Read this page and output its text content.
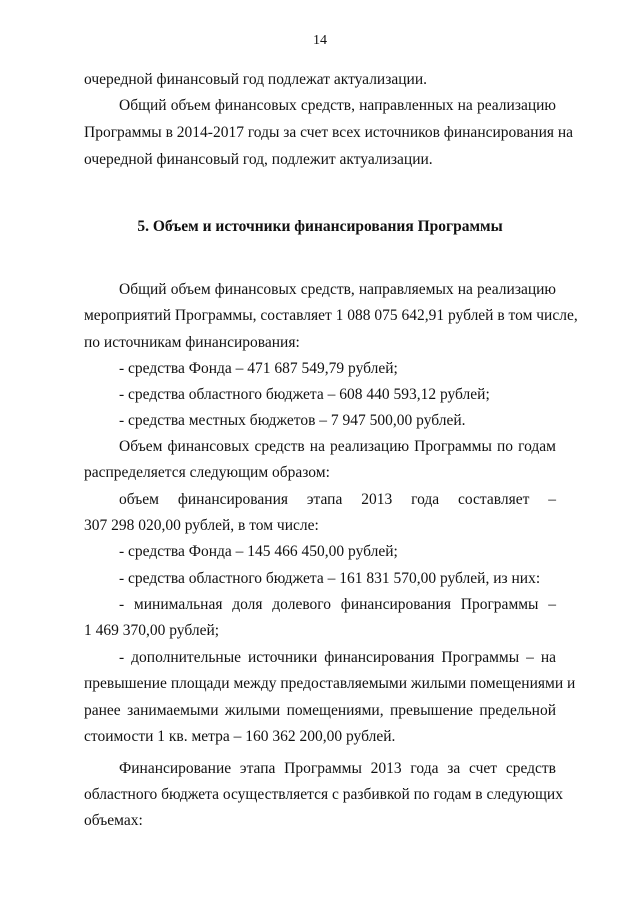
14
очередной финансовый год подлежат актуализации.
Общий объем финансовых средств, направленных на реализацию
Программы в 2014-2017 годы за счет всех источников финансирования на
очередной финансовый год, подлежит актуализации.
5. Объем и источники финансирования Программы
Общий объем финансовых средств, направляемых на реализацию
мероприятий Программы, составляет 1 088 075 642,91 рублей в том числе,
по источникам финансирования:
- средства Фонда – 471 687 549,79 рублей;
- средства областного бюджета – 608 440 593,12 рублей;
- средства местных бюджетов – 7 947 500,00 рублей.
Объем финансовых средств на реализацию Программы по годам
распределяется следующим образом:
объем финансирования этапа 2013 года составляет –
307 298 020,00 рублей, в том числе:
- средства Фонда – 145 466 450,00 рублей;
- средства областного бюджета – 161 831 570,00 рублей, из них:
- минимальная доля долевого финансирования Программы –
1 469 370,00 рублей;
- дополнительные источники финансирования Программы – на
превышение площади между предоставляемыми жилыми помещениями и
ранее занимаемыми жилыми помещениями, превышение предельной
стоимости 1 кв. метра – 160 362 200,00 рублей.
Финансирование этапа Программы 2013 года за счет средств
областного бюджета осуществляется с разбивкой по годам в следующих
объемах:
